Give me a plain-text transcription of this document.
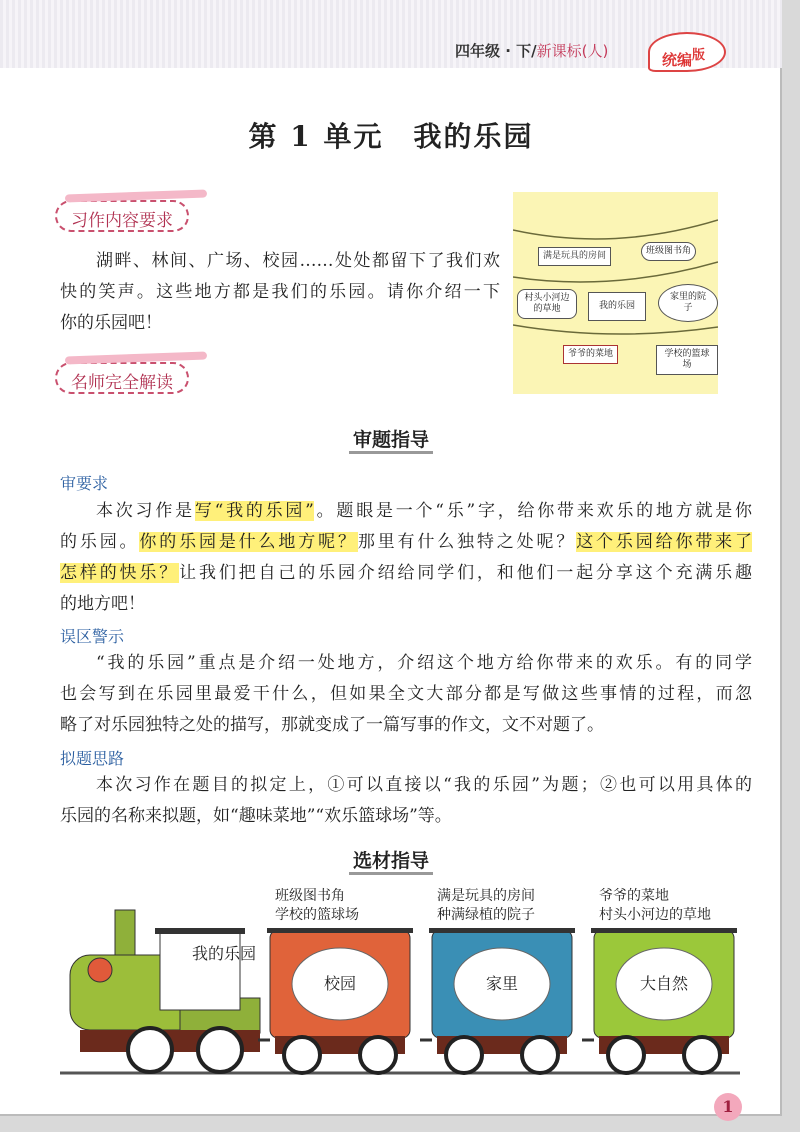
四年级 · 下/新课标(人)	统编$^版$
第 1 单元　我的乐园
习作内容要求
湖畔、林间、广场、校园……处处都留下了我们欢
快的笑声。这些地方都是我们的乐园。请你介绍一下
你的乐园吧！
满是玩具的房间	班级图书角
村头小河边的草地	我的乐园
家里的院子
爷爷的菜地	学校的篮球场
名师完全解读
审题指导
审要求
本次习作是写“我的乐园”。题眼是一个“乐”字，给你带来欢乐的地方就是你
的乐园。你的乐园是什么地方呢？那里有什么独特之处呢？这个乐园给你带来了
怎样的快乐？让我们把自己的乐园介绍给同学们，和他们一起分享这个充满乐趣
的地方吧！
误区警示
“我的乐园”重点是介绍一处地方，介绍这个地方给你带来的欢乐。有的同学
也会写到在乐园里最爱干什么，但如果全文大部分都是写做这些事情的过程，而忽
略了对乐园独特之处的描写，那就变成了一篇写事的作文，文不对题了。
拟题思路
本次习作在题目的拟定上，①可以直接以“我的乐园”为题；②也可以用具体的
乐园的名称来拟题，如“趣味菜地”“欢乐篮球场”等。
选材指导
我的乐园
校园
班级图书角
学校的篮球场
家里
满是玩具的房间
种满绿植的院子
大自然
爷爷的菜地
村头小河边的草地
1
